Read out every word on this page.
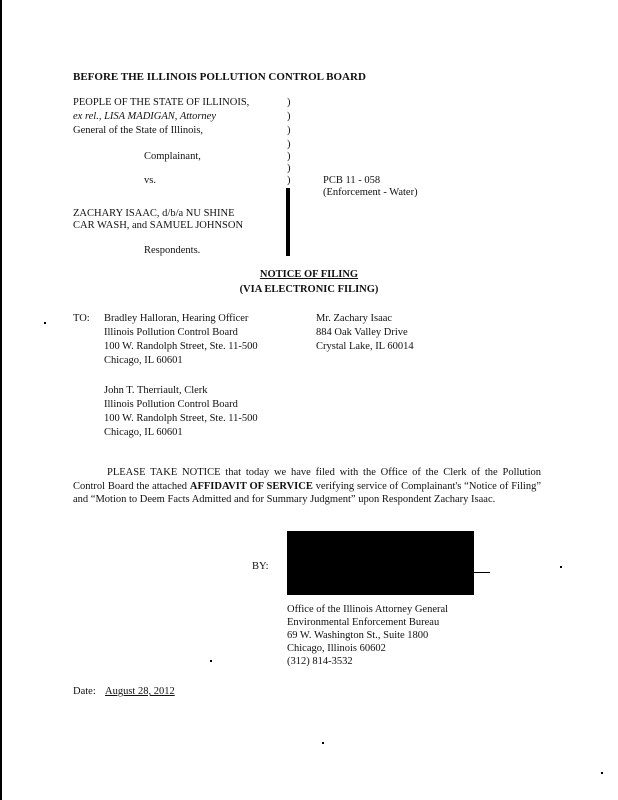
BEFORE THE ILLINOIS POLLUTION CONTROL BOARD
PEOPLE OF THE STATE OF ILLINOIS,
ex rel., LISA MADIGAN, Attorney
General of the State of Illinois,
Complainant,
vs.
)
)
)
)
)
)
)	PCB 11 - 058
(Enforcement - Water)
ZACHARY ISAAC, d/b/a NU SHINE
CAR WASH, and SAMUEL JOHNSON
Respondents.
NOTICE OF FILING
(VIA ELECTRONIC FILING)
TO: Bradley Halloran, Hearing Officer
Illinois Pollution Control Board
100 W. Randolph Street, Ste. 11-500
Chicago, IL 60601
Mr. Zachary Isaac
884 Oak Valley Drive
Crystal Lake, IL 60014
John T. Therriault, Clerk
Illinois Pollution Control Board
100 W. Randolph Street, Ste. 11-500
Chicago, IL 60601
PLEASE TAKE NOTICE that today we have filed with the Office of the Clerk of the Pollution Control Board the attached AFFIDAVIT OF SERVICE verifying service of Complainant's “Notice of Filing” and “Motion to Deem Facts Admitted and for Summary Judgment” upon Respondent Zachary Isaac.
BY:
Office of the Illinois Attorney General
Environmental Enforcement Bureau
69 W. Washington St., Suite 1800
Chicago, Illinois 60602
(312) 814-3532
Date: August 28, 2012
